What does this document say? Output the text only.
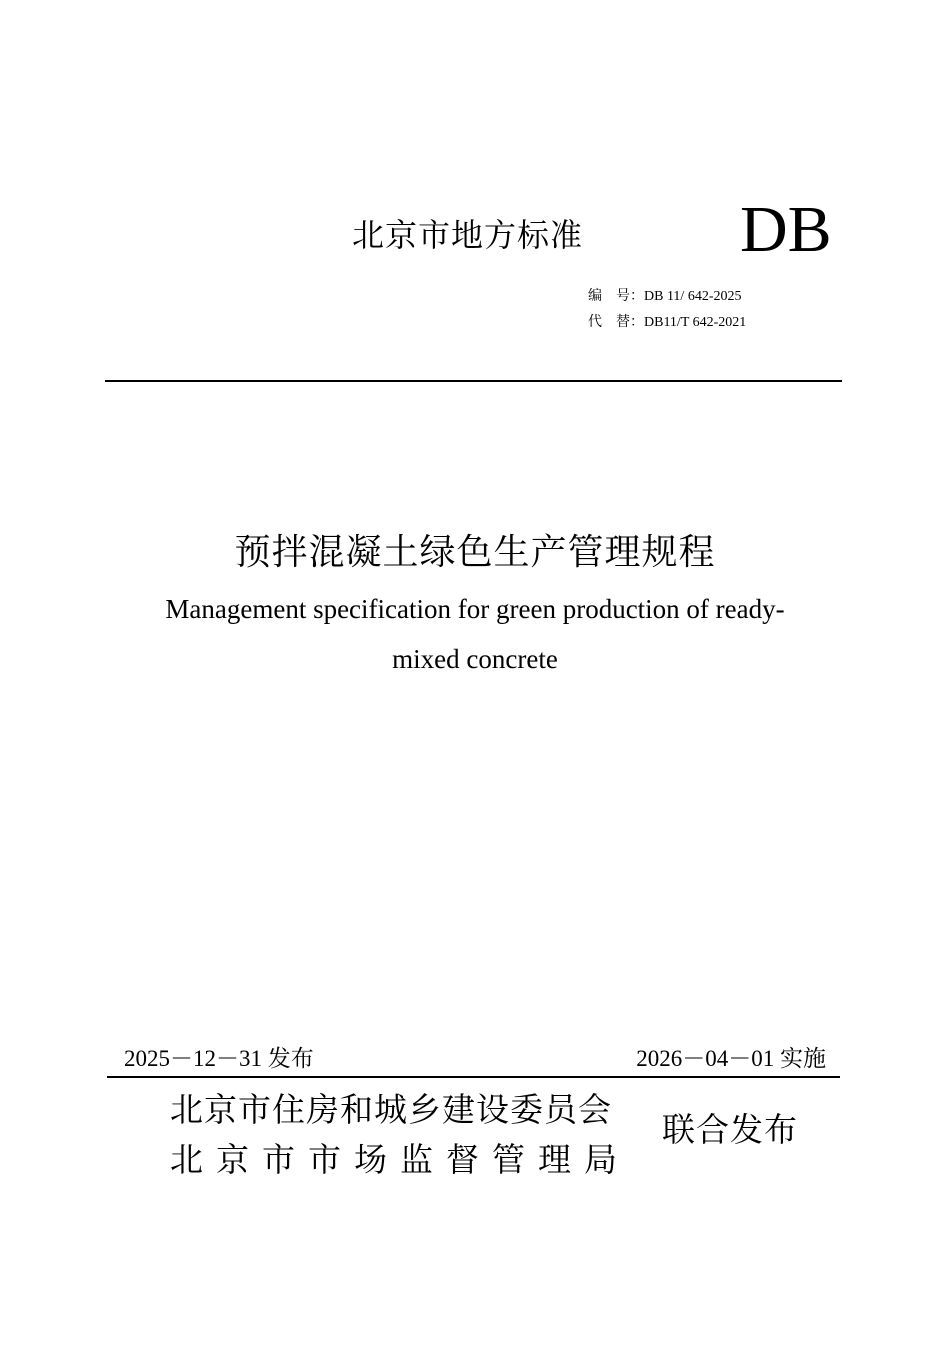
北京市地方标准 DB
编　号：DB 11/ 642-2025
代　替：DB11/T 642-2021
预拌混凝土绿色生产管理规程
Management specification for green production of ready-
mixed concrete
2025－12－31 发布	2026－04－01 实施
北京市住房和城乡建设委员会
北京市市场监督管理局
联合发布
